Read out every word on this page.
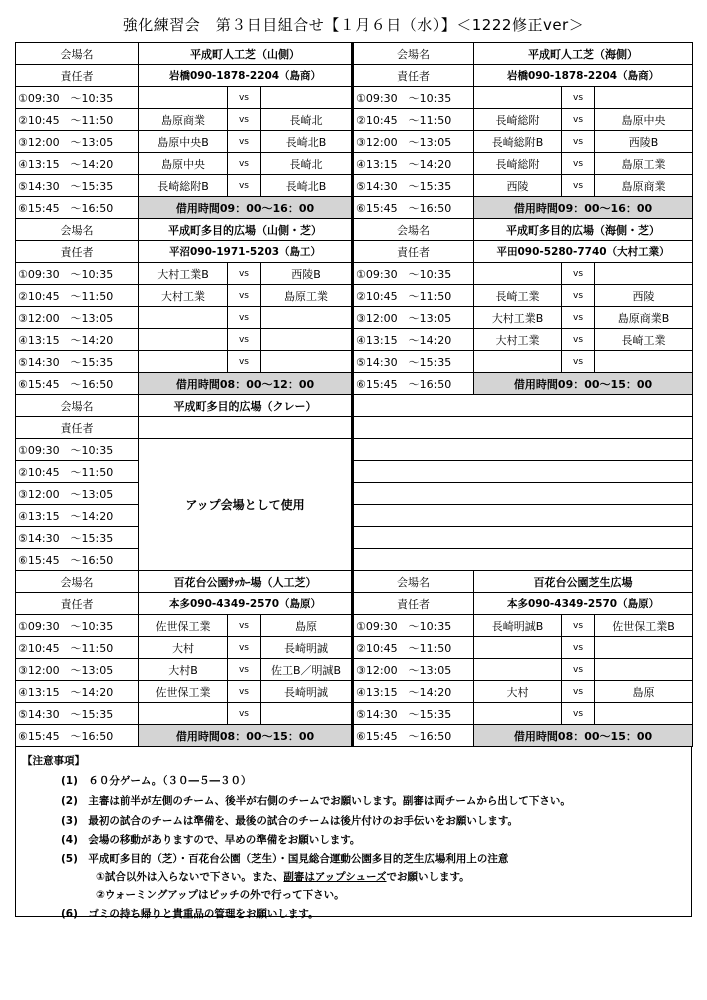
強化練習会　第３日目組合せ【１月６日（水）】＜1222修正ver＞
会場名	平成町人工芝（山側）			会場名	平成町人工芝（海側）		
責任者	岩橋090-1878-2204（島商）			責任者	岩橋090-1878-2204（島商）		
①09:30　～10:35		vs		①09:30　～10:35		vs	
②10:45　～11:50	島原商業	vs	長崎北	②10:45　～11:50	長崎総附	vs	島原中央
③12:00　～13:05	島原中央B	vs	長崎北B	③12:00　～13:05	長崎総附B	vs	西陵B
④13:15　～14:20	島原中央	vs	長崎北	④13:15　～14:20	長崎総附	vs	島原工業
⑤14:30　～15:35	長崎総附B	vs	長崎北B	⑤14:30　～15:35	西陵	vs	島原商業
⑥15:45　～16:50	借用時間09：00～16：00			⑥15:45　～16:50	借用時間09：00～16：00		
会場名	平成町多目的広場（山側・芝）			会場名	平成町多目的広場（海側・芝）		
責任者	平沼090-1971-5203（島工）			責任者	平田090-5280-7740（大村工業）		
①09:30　～10:35	大村工業B	vs	西陵B	①09:30　～10:35		vs	
②10:45　～11:50	大村工業	vs	島原工業	②10:45　～11:50	長崎工業	vs	西陵
③12:00　～13:05		vs		③12:00　～13:05	大村工業B	vs	島原商業B
④13:15　～14:20		vs		④13:15　～14:20	大村工業	vs	長崎工業
⑤14:30　～15:35		vs		⑤14:30　～15:35		vs	
⑥15:45　～16:50	借用時間08：00～12：00			⑥15:45　～16:50	借用時間09：00～15：00		
会場名	平成町多目的広場（クレー）						
責任者							
①09:30　～10:35	アップ会場として使用						
②10:45　～11:50							
③12:00　～13:05							
④13:15　～14:20							
⑤14:30　～15:35							
⑥15:45　～16:50							
会場名	百花台公園ｻｯｶｰ場（人工芝）			会場名	百花台公園芝生広場		
責任者	本多090-4349-2570（島原）			責任者	本多090-4349-2570（島原）		
①09:30　～10:35	佐世保工業	vs	島原	①09:30　～10:35	長崎明誠B	vs	佐世保工業B
②10:45　～11:50	大村	vs	長崎明誠	②10:45　～11:50		vs	
③12:00　～13:05	大村B	vs	佐工B／明誠B	③12:00　～13:05		vs	
④13:15　～14:20	佐世保工業	vs	長崎明誠	④13:15　～14:20	大村	vs	島原
⑤14:30　～15:35		vs		⑤14:30　～15:35		vs	
⑥15:45　～16:50	借用時間08：00～15：00			⑥15:45　～16:50	借用時間08：00～15：00		
【注意事項】
(1)　６０分ゲーム。（３０―５―３０）
(2)　主審は前半が左側のチーム、後半が右側のチームでお願いします。副審は両チームから出して下さい。
(3)　最初の試合のチームは準備を、最後の試合のチームは後片付けのお手伝いをお願いします。
(4)　会場の移動がありますので、早めの準備をお願いします。
(5)　平成町多目的（芝）・百花台公園（芝生）・国見総合運動公園多目的芝生広場利用上の注意
①試合以外は入らないで下さい。また、副審はアップシューズでお願いします。
②ウォーミングアップはピッチの外で行って下さい。
(6)　ゴミの持ち帰りと貴重品の管理をお願いします。
